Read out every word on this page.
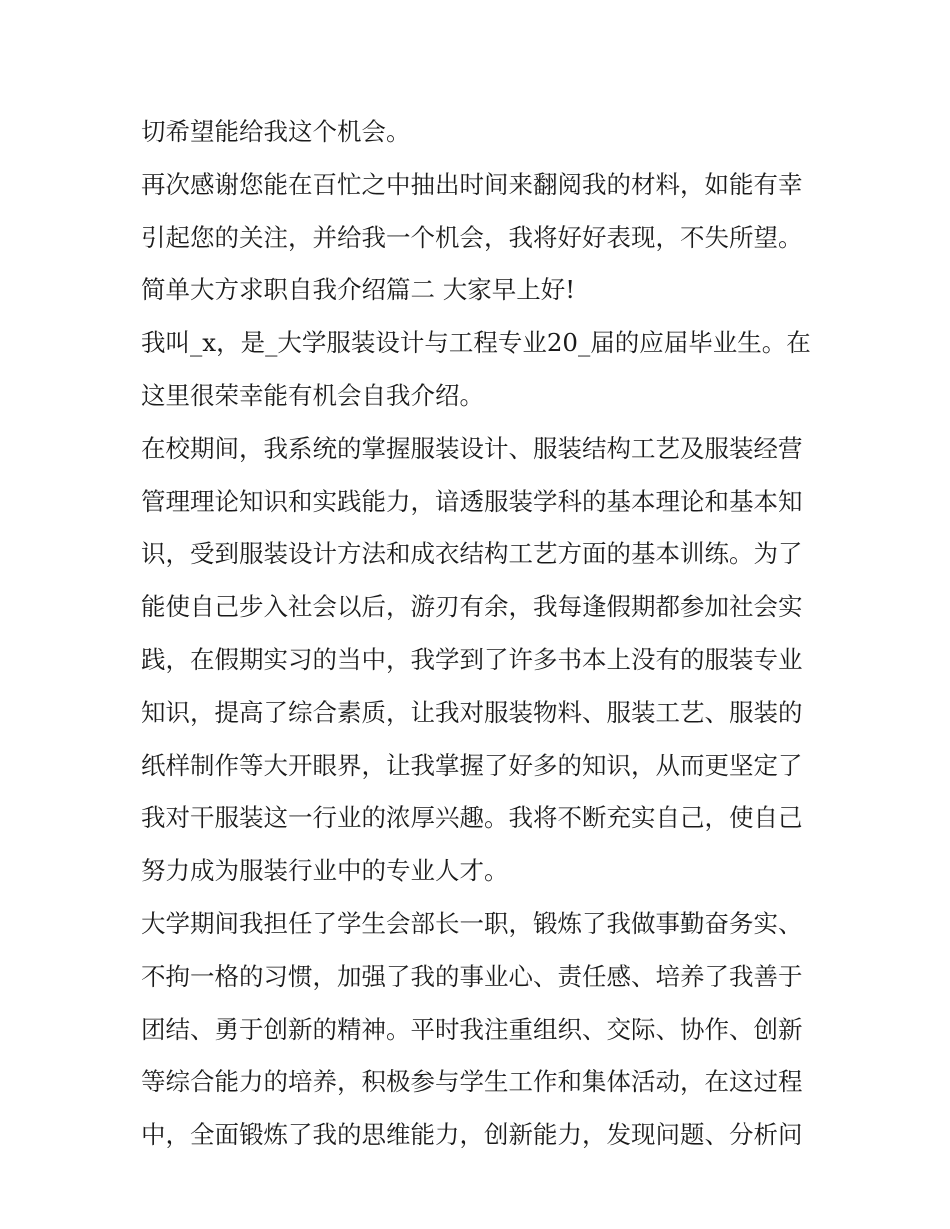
切希望能给我这个机会。
再次感谢您能在百忙之中抽出时间来翻阅我的材料，如能有幸
引起您的关注，并给我一个机会，我将好好表现，不失所望。
简单大方求职自我介绍篇二 大家早上好!
我叫_x，是_大学服装设计与工程专业20_届的应届毕业生。在
这里很荣幸能有机会自我介绍。
在校期间，我系统的掌握服装设计、服装结构工艺及服装经营
管理理论知识和实践能力，谙透服装学科的基本理论和基本知
识，受到服装设计方法和成衣结构工艺方面的基本训练。为了
能使自己步入社会以后，游刃有余，我每逢假期都参加社会实
践，在假期实习的当中，我学到了许多书本上没有的服装专业
知识，提高了综合素质，让我对服装物料、服装工艺、服装的
纸样制作等大开眼界，让我掌握了好多的知识，从而更坚定了
我对干服装这一行业的浓厚兴趣。我将不断充实自己，使自己
努力成为服装行业中的专业人才。
大学期间我担任了学生会部长一职，锻炼了我做事勤奋务实、
不拘一格的习惯，加强了我的事业心、责任感、培养了我善于
团结、勇于创新的精神。平时我注重组织、交际、协作、创新
等综合能力的培养，积极参与学生工作和集体活动，在这过程
中，全面锻炼了我的思维能力，创新能力，发现问题、分析问
